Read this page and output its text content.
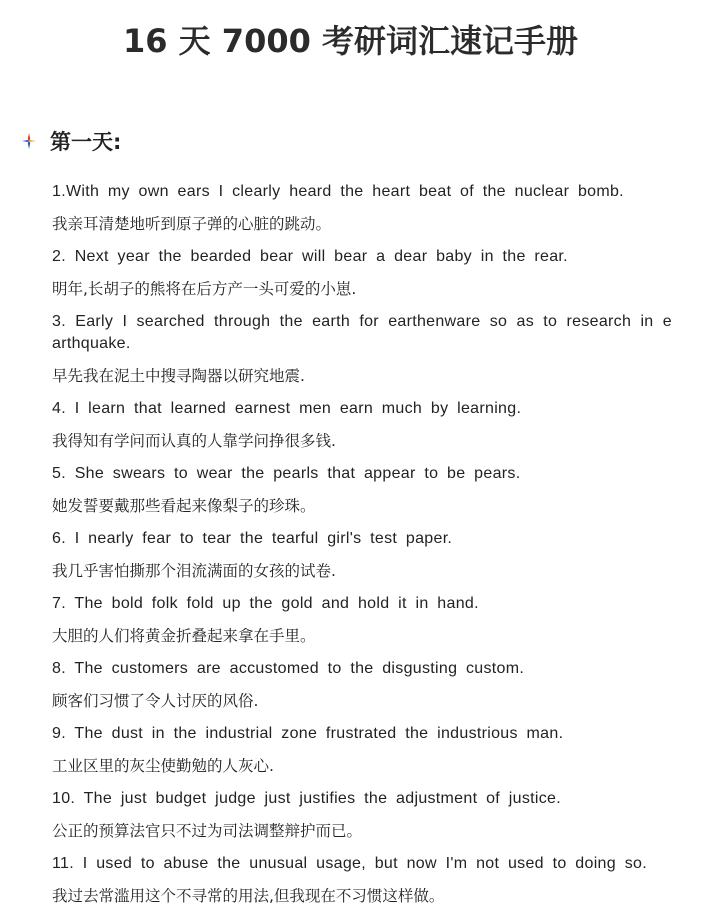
16 天 7000 考研词汇速记手册
第一天:

1.With my own ears I clearly heard the heart beat of the nuclear bomb.

我亲耳清楚地听到原子弹的心脏的跳动。

2. Next year the bearded bear will bear a dear baby in the rear.

明年,长胡子的熊将在后方产一头可爱的小崽.

3. Early I searched through the earth for earthenware so as to research in earthquake.

早先我在泥土中搜寻陶器以研究地震.

4. I learn that learned earnest men earn much by learning.

我得知有学问而认真的人靠学问挣很多钱.

5. She swears to wear the pearls that appear to be pears.

她发誓要戴那些看起来像梨子的珍珠。

6. I nearly fear to tear the tearful girl's test paper.

我几乎害怕撕那个泪流满面的女孩的试卷.

7. The bold folk fold up the gold and hold it in hand.

大胆的人们将黄金折叠起来拿在手里。

8. The customers are accustomed to the disgusting custom.

顾客们习惯了令人讨厌的风俗.

9. The dust in the industrial zone frustrated the industrious man.

工业区里的灰尘使勤勉的人灰心.

10. The just budget judge just justifies the adjustment of justice.

公正的预算法官只不过为司法调整辩护而已。

11. I used to abuse the unusual usage, but now I'm not used to doing so.

我过去常滥用这个不寻常的用法,但我现在不习惯这样做。
